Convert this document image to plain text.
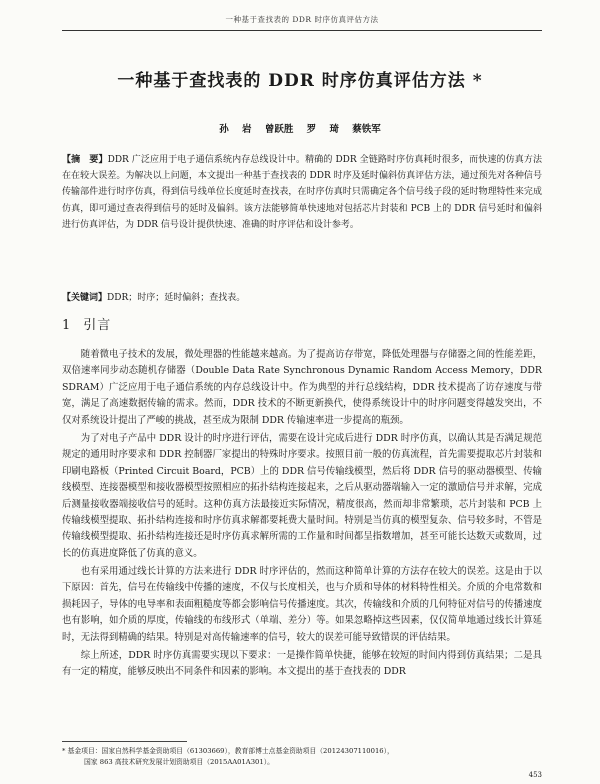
一种基于查找表的 DDR 时序仿真评估方法
一种基于查找表的 DDR 时序仿真评估方法 *
孙 岩 曾跃胜 罗 琦 蔡铁军
【摘　要】DDR 广泛应用于电子通信系统内存总线设计中。精确的 DDR 全链路时序仿真耗时很多，而快速的仿真方法在在较大误差。为解决以上问题，本文提出一种基于查找表的 DDR 时序及延时偏斜仿真评估方法，通过预先对各种信号传输部件进行时序仿真，得到信号线单位长度延时查找表，在时序仿真时只需确定各个信号线子段的延时物理特性来完成仿真，即可通过查表得到信号的延时及偏斜。该方法能够简单快速地对包括芯片封装和 PCB 上的 DDR 信号延时和偏斜进行仿真评估，为 DDR 信号设计提供快速、准确的时序评估和设计参考。
【关键词】DDR；时序；延时偏斜；查找表。
1 引言

随着微电子技术的发展，微处理器的性能越来越高。为了提高访存带宽，降低处理器与存储器之间的性能差距，双倍速率同步动态随机存储器（Double Data Rate Synchronous Dynamic Random Access Memory，DDR SDRAM）广泛应用于电子通信系统的内存总线设计中。作为典型的并行总线结构，DDR 技术提高了访存速度与带宽，满足了高速数据传输的需求。然而，DDR 技术的不断更新换代，使得系统设计中的时序问题变得越发突出，不仅对系统设计提出了严峻的挑战，甚至成为限制 DDR 传输速率进一步提高的瓶颈。

为了对电子产品中 DDR 设计的时序进行评估，需要在设计完成后进行 DDR 时序仿真，以确认其是否满足规范规定的通用时序要求和 DDR 控制器厂家提出的特殊时序要求。按照目前一般的仿真流程，首先需要提取芯片封装和印刷电路板（Printed Circuit Board，PCB）上的 DDR 信号传输线模型，然后将 DDR 信号的驱动器模型、传输线模型、连接器模型和接收器模型按照相应的拓扑结构连接起来，之后从驱动器端输入一定的激励信号并求解，完成后测量接收器端接收信号的延时。这种仿真方法最接近实际情况，精度很高，然而却非常繁琐，芯片封装和 PCB 上传输线模型提取、拓扑结构连接和时序仿真求解都要耗费大量时间。特别是当仿真的模型复杂、信号较多时，不管是传输线模型提取、拓扑结构连接还是时序仿真求解所需的工作量和时间都呈指数增加，甚至可能长达数天或数周，过长的仿真进度降低了仿真的意义。

也有采用通过线长计算的方法来进行 DDR 时序评估的，然而这种简单计算的方法存在较大的误差。这是由于以下原因：首先，信号在传输线中传播的速度，不仅与长度相关，也与介质和导体的材料特性相关。介质的介电常数和损耗因子，导体的电导率和表面粗糙度等都会影响信号传播速度。其次，传输线和介质的几何特征对信号的传播速度也有影响，如介质的厚度，传输线的布线形式（单端、差分）等。如果忽略掉这些因素，仅仅简单地通过线长计算延时，无法得到精确的结果。特别是对高传输速率的信号，较大的误差可能导致错误的评估结果。

综上所述，DDR 时序仿真需要实现以下要求：一是操作简单快捷，能够在较短的时间内得到仿真结果；二是具有一定的精度，能够反映出不同条件和因素的影响。本文提出的基于查找表的 DDR

* 基金项目：国家自然科学基金资助项目（61303669），教育部博士点基金资助项目（20124307110016），
国家 863 高技术研究发展计划资助项目（2015AA01A301）。
453
